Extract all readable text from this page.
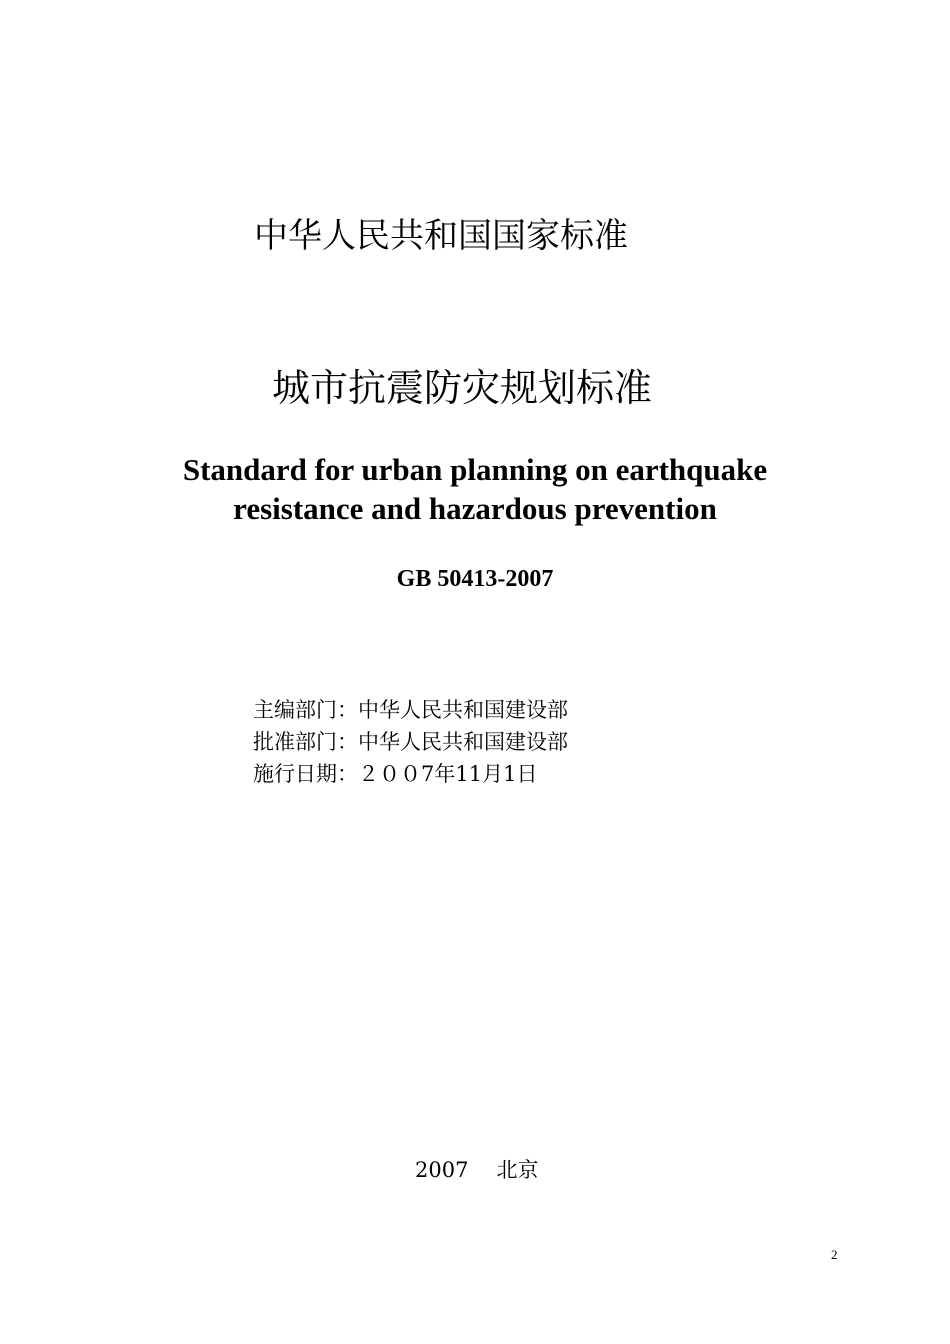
中华人民共和国国家标准
城市抗震防灾规划标准
Standard for urban planning on earthquake
resistance and hazardous prevention
GB 50413-2007
主编部门：中华人民共和国建设部
批准部门：中华人民共和国建设部
施行日期：２００7年11月1日
2007 北京
2
